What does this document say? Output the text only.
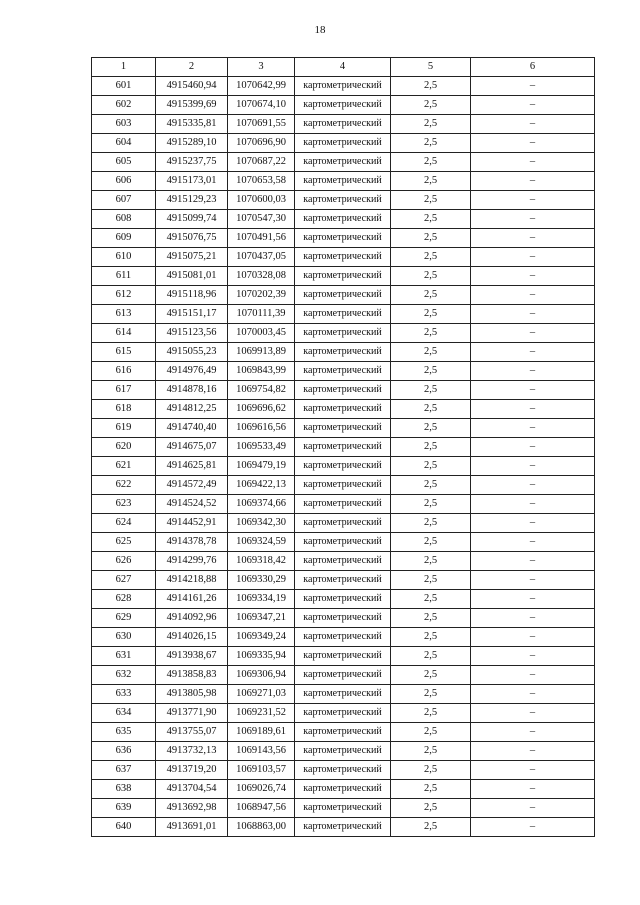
18
1	2	3	4	5	6
601	4915460,94	1070642,99	картометрический	2,5	–
602	4915399,69	1070674,10	картометрический	2,5	–
603	4915335,81	1070691,55	картометрический	2,5	–
604	4915289,10	1070696,90	картометрический	2,5	–
605	4915237,75	1070687,22	картометрический	2,5	–
606	4915173,01	1070653,58	картометрический	2,5	–
607	4915129,23	1070600,03	картометрический	2,5	–
608	4915099,74	1070547,30	картометрический	2,5	–
609	4915076,75	1070491,56	картометрический	2,5	–
610	4915075,21	1070437,05	картометрический	2,5	–
611	4915081,01	1070328,08	картометрический	2,5	–
612	4915118,96	1070202,39	картометрический	2,5	–
613	4915151,17	1070111,39	картометрический	2,5	–
614	4915123,56	1070003,45	картометрический	2,5	–
615	4915055,23	1069913,89	картометрический	2,5	–
616	4914976,49	1069843,99	картометрический	2,5	–
617	4914878,16	1069754,82	картометрический	2,5	–
618	4914812,25	1069696,62	картометрический	2,5	–
619	4914740,40	1069616,56	картометрический	2,5	–
620	4914675,07	1069533,49	картометрический	2,5	–
621	4914625,81	1069479,19	картометрический	2,5	–
622	4914572,49	1069422,13	картометрический	2,5	–
623	4914524,52	1069374,66	картометрический	2,5	–
624	4914452,91	1069342,30	картометрический	2,5	–
625	4914378,78	1069324,59	картометрический	2,5	–
626	4914299,76	1069318,42	картометрический	2,5	–
627	4914218,88	1069330,29	картометрический	2,5	–
628	4914161,26	1069334,19	картометрический	2,5	–
629	4914092,96	1069347,21	картометрический	2,5	–
630	4914026,15	1069349,24	картометрический	2,5	–
631	4913938,67	1069335,94	картометрический	2,5	–
632	4913858,83	1069306,94	картометрический	2,5	–
633	4913805,98	1069271,03	картометрический	2,5	–
634	4913771,90	1069231,52	картометрический	2,5	–
635	4913755,07	1069189,61	картометрический	2,5	–
636	4913732,13	1069143,56	картометрический	2,5	–
637	4913719,20	1069103,57	картометрический	2,5	–
638	4913704,54	1069026,74	картометрический	2,5	–
639	4913692,98	1068947,56	картометрический	2,5	–
640	4913691,01	1068863,00	картометрический	2,5	–
